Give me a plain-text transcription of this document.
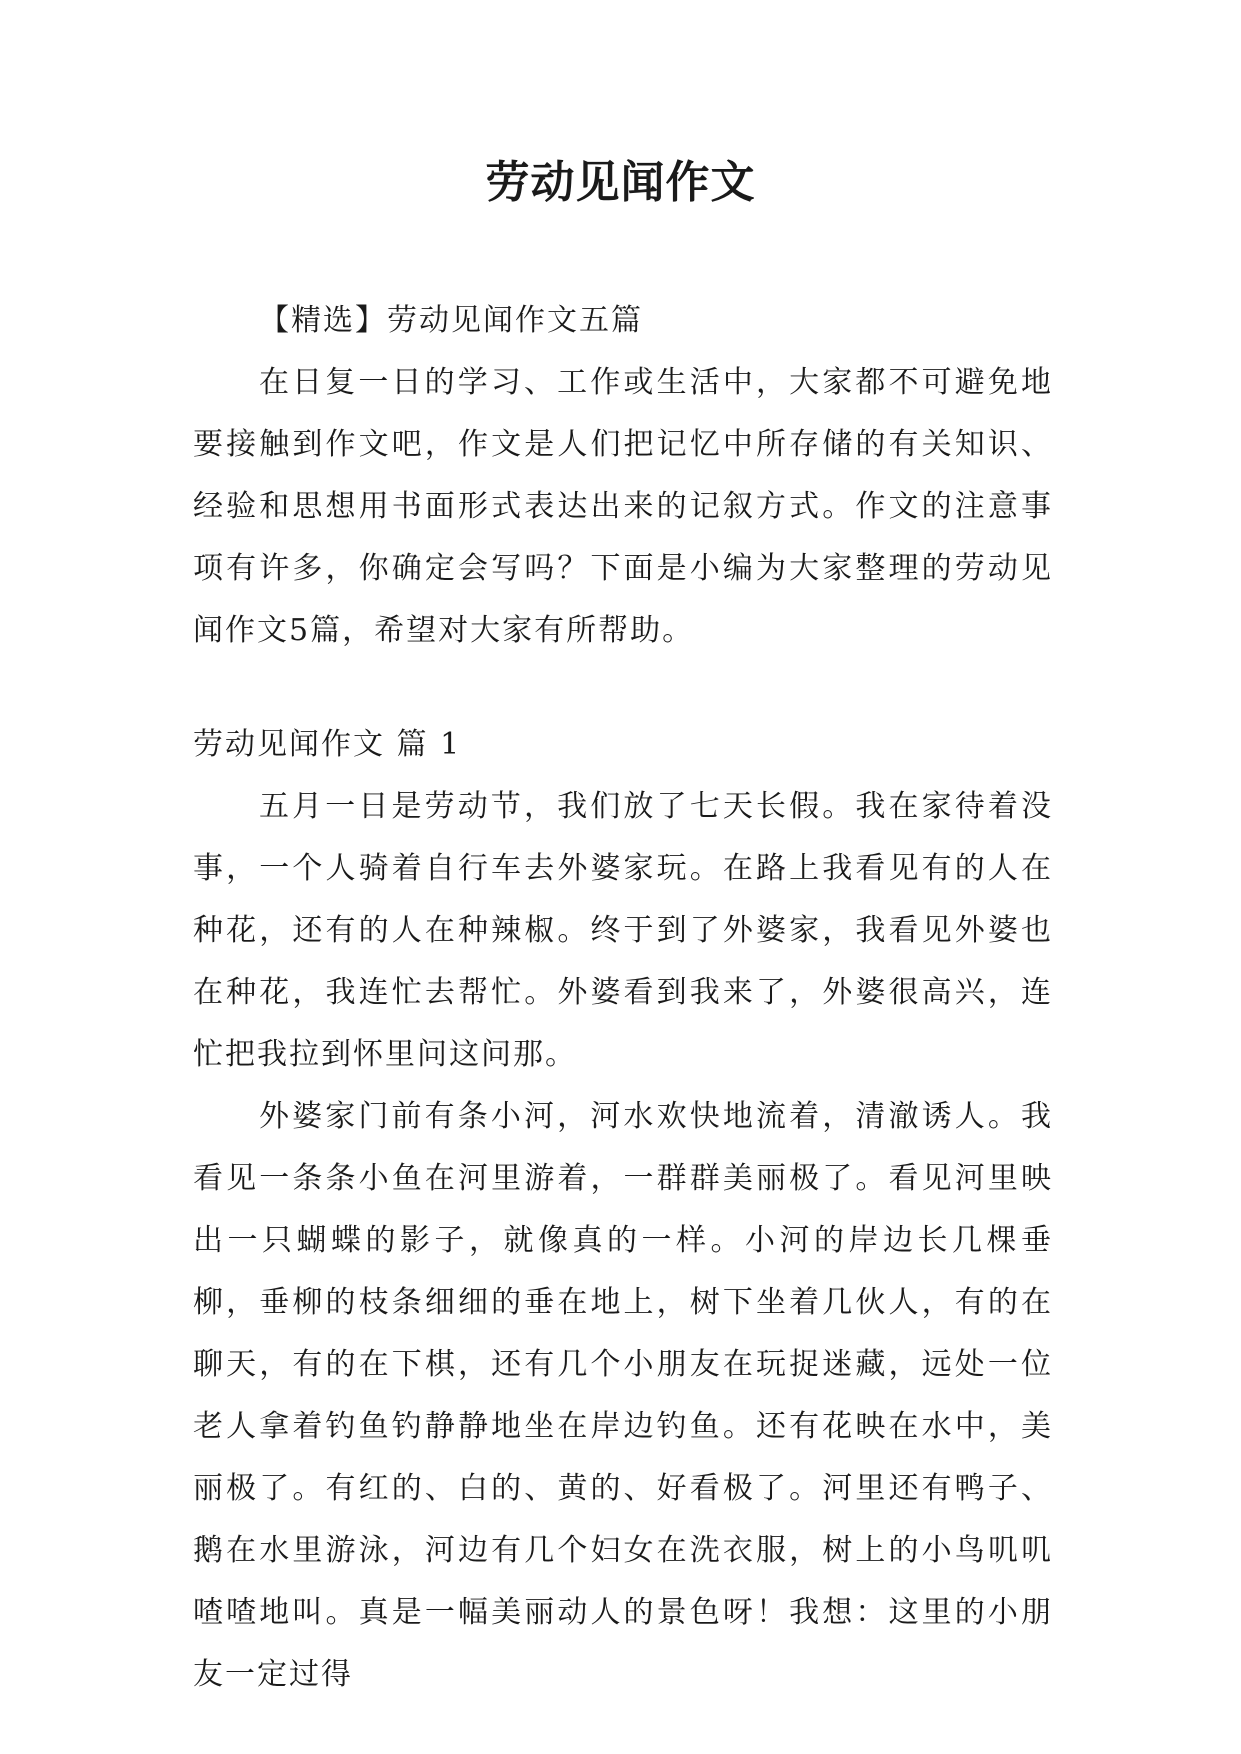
劳动见闻作文

【精选】劳动见闻作文五篇

在日复一日的学习、工作或生活中，大家都不可避免地要接触到作文吧，作文是人们把记忆中所存储的有关知识、经验和思想用书面形式表达出来的记叙方式。作文的注意事项有许多，你确定会写吗？下面是小编为大家整理的劳动见闻作文5篇，希望对大家有所帮助。

劳动见闻作文 篇 1

五月一日是劳动节，我们放了七天长假。我在家待着没事，一个人骑着自行车去外婆家玩。在路上我看见有的人在种花，还有的人在种辣椒。终于到了外婆家，我看见外婆也在种花，我连忙去帮忙。外婆看到我来了，外婆很高兴，连忙把我拉到怀里问这问那。

外婆家门前有条小河，河水欢快地流着，清澈诱人。我看见一条条小鱼在河里游着，一群群美丽极了。看见河里映出一只蝴蝶的影子，就像真的一样。小河的岸边长几棵垂柳，垂柳的枝条细细的垂在地上，树下坐着几伙人，有的在聊天，有的在下棋，还有几个小朋友在玩捉迷藏，远处一位老人拿着钓鱼钓静静地坐在岸边钓鱼。还有花映在水中，美丽极了。有红的、白的、黄的、好看极了。河里还有鸭子、鹅在水里游泳，河边有几个妇女在洗衣服，树上的小鸟叽叽喳喳地叫。真是一幅美丽动人的景色呀！我想：这里的小朋友一定过得
